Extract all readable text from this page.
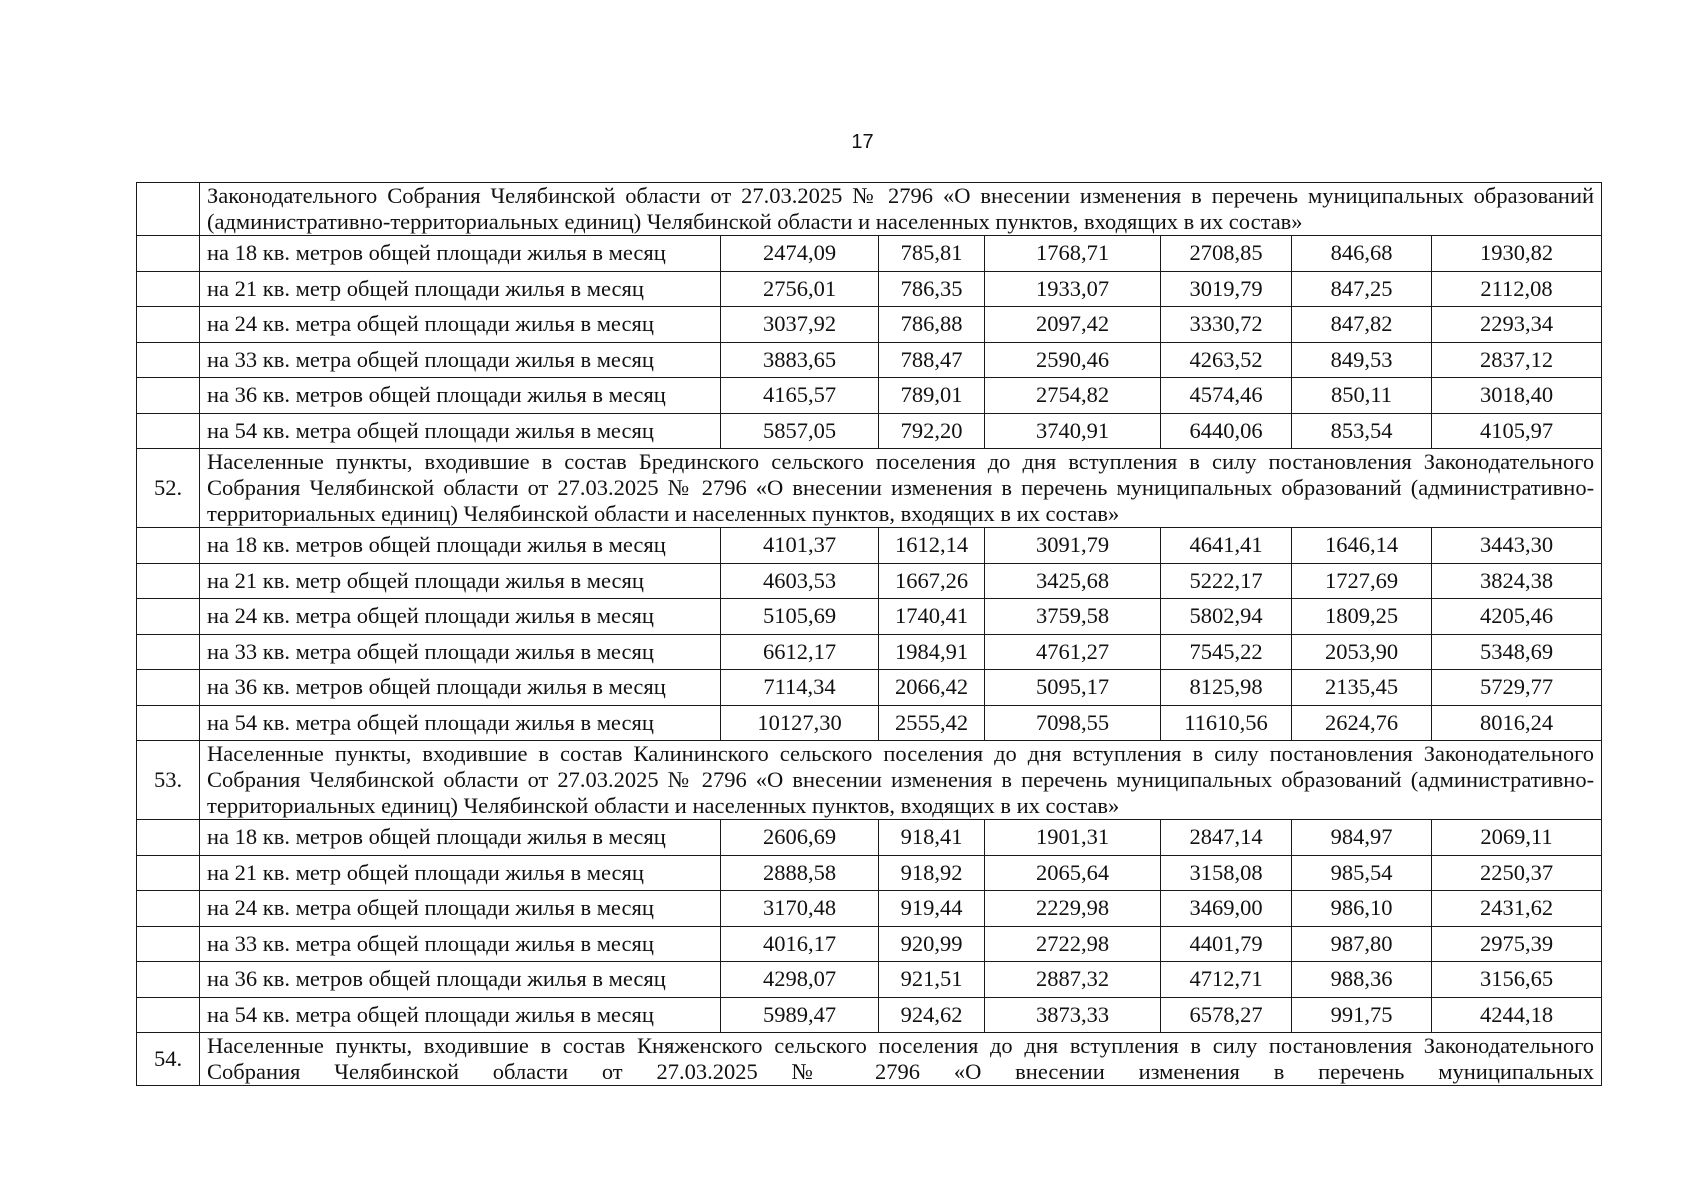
17
	Законодательного Собрания Челябинской области от 27.03.2025 № 2796 «О внесении изменения в перечень муниципальных образований (административно-территориальных единиц) Челябинской области и населенных пунктов, входящих в их состав»						
	на 18 кв. метров общей площади жилья в месяц	2474,09	785,81	1768,71	2708,85	846,68	1930,82
	на 21 кв. метр общей площади жилья в месяц	2756,01	786,35	1933,07	3019,79	847,25	2112,08
	на 24 кв. метра общей площади жилья в месяц	3037,92	786,88	2097,42	3330,72	847,82	2293,34
	на 33 кв. метра общей площади жилья в месяц	3883,65	788,47	2590,46	4263,52	849,53	2837,12
	на 36 кв. метров общей площади жилья в месяц	4165,57	789,01	2754,82	4574,46	850,11	3018,40
	на 54 кв. метра общей площади жилья в месяц	5857,05	792,20	3740,91	6440,06	853,54	4105,97
52.	Населенные пункты, входившие в состав Брединского сельского поселения до дня вступления в силу постановления Законодательного Собрания Челябинской области от 27.03.2025 № 2796 «О внесении изменения в перечень муниципальных образований (административно-территориальных единиц) Челябинской области и населенных пунктов, входящих в их состав»						
	на 18 кв. метров общей площади жилья в месяц	4101,37	1612,14	3091,79	4641,41	1646,14	3443,30
	на 21 кв. метр общей площади жилья в месяц	4603,53	1667,26	3425,68	5222,17	1727,69	3824,38
	на 24 кв. метра общей площади жилья в месяц	5105,69	1740,41	3759,58	5802,94	1809,25	4205,46
	на 33 кв. метра общей площади жилья в месяц	6612,17	1984,91	4761,27	7545,22	2053,90	5348,69
	на 36 кв. метров общей площади жилья в месяц	7114,34	2066,42	5095,17	8125,98	2135,45	5729,77
	на 54 кв. метра общей площади жилья в месяц	10127,30	2555,42	7098,55	11610,56	2624,76	8016,24
53.	Населенные пункты, входившие в состав Калининского сельского поселения до дня вступления в силу постановления Законодательного Собрания Челябинской области от 27.03.2025 № 2796 «О внесении изменения в перечень муниципальных образований (административно-территориальных единиц) Челябинской области и населенных пунктов, входящих в их состав»						
	на 18 кв. метров общей площади жилья в месяц	2606,69	918,41	1901,31	2847,14	984,97	2069,11
	на 21 кв. метр общей площади жилья в месяц	2888,58	918,92	2065,64	3158,08	985,54	2250,37
	на 24 кв. метра общей площади жилья в месяц	3170,48	919,44	2229,98	3469,00	986,10	2431,62
	на 33 кв. метра общей площади жилья в месяц	4016,17	920,99	2722,98	4401,79	987,80	2975,39
	на 36 кв. метров общей площади жилья в месяц	4298,07	921,51	2887,32	4712,71	988,36	3156,65
	на 54 кв. метра общей площади жилья в месяц	5989,47	924,62	3873,33	6578,27	991,75	4244,18
54.	Населенные пункты, входившие в состав Княженского сельского поселения до дня вступления в силу постановления Законодательного Собрания Челябинской области от 27.03.2025 № 2796 «О внесении изменения в перечень муниципальных						
